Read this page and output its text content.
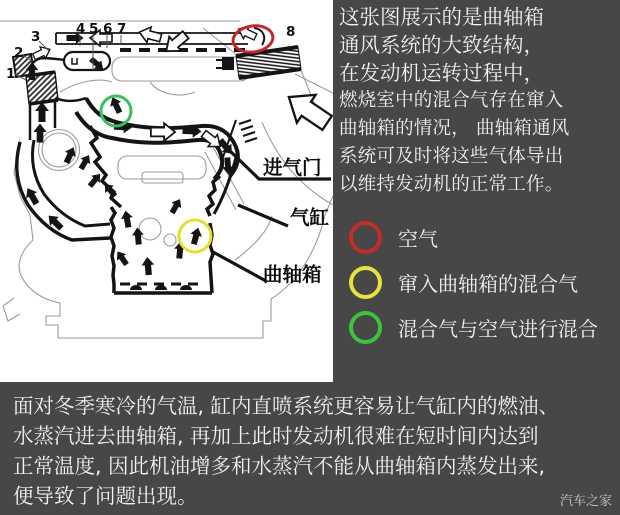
1
2
3	4 5 6 7	8
进气门
气缸
曲轴箱

这张图展示的是曲轴箱

通风系统的大致结构，

在发动机运转过程中，

燃烧室中的混合气存在窜入

曲轴箱的情况， 曲轴箱通风

系统可及时将这些气体导出

以维持发动机的正常工作。

空气
窜入曲轴箱的混合气
混合气与空气进行混合

面对冬季寒冷的气温, 缸内直喷系统更容易让气缸内的燃油、

水蒸汽进去曲轴箱, 再加上此时发动机很难在短时间内达到

正常温度, 因此机油增多和水蒸汽不能从曲轴箱内蒸发出来,

便导致了问题出现。	汽车之家
